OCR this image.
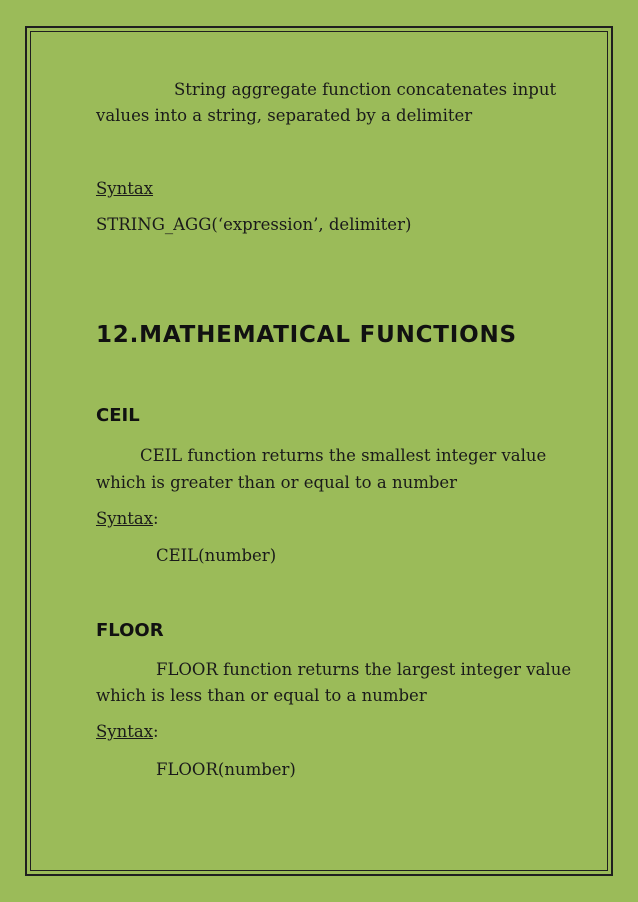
String aggregate function concatenates input
values into a string, separated by a delimiter
Syntax
STRING_AGG(‘expression’, delimiter)
12.MATHEMATICAL FUNCTIONS
CEIL
CEIL function returns the smallest integer value
which is greater than or equal to a number
Syntax:
CEIL(number)
FLOOR
FLOOR function returns the largest integer value
which is less than or equal to a number
Syntax:
FLOOR(number)
